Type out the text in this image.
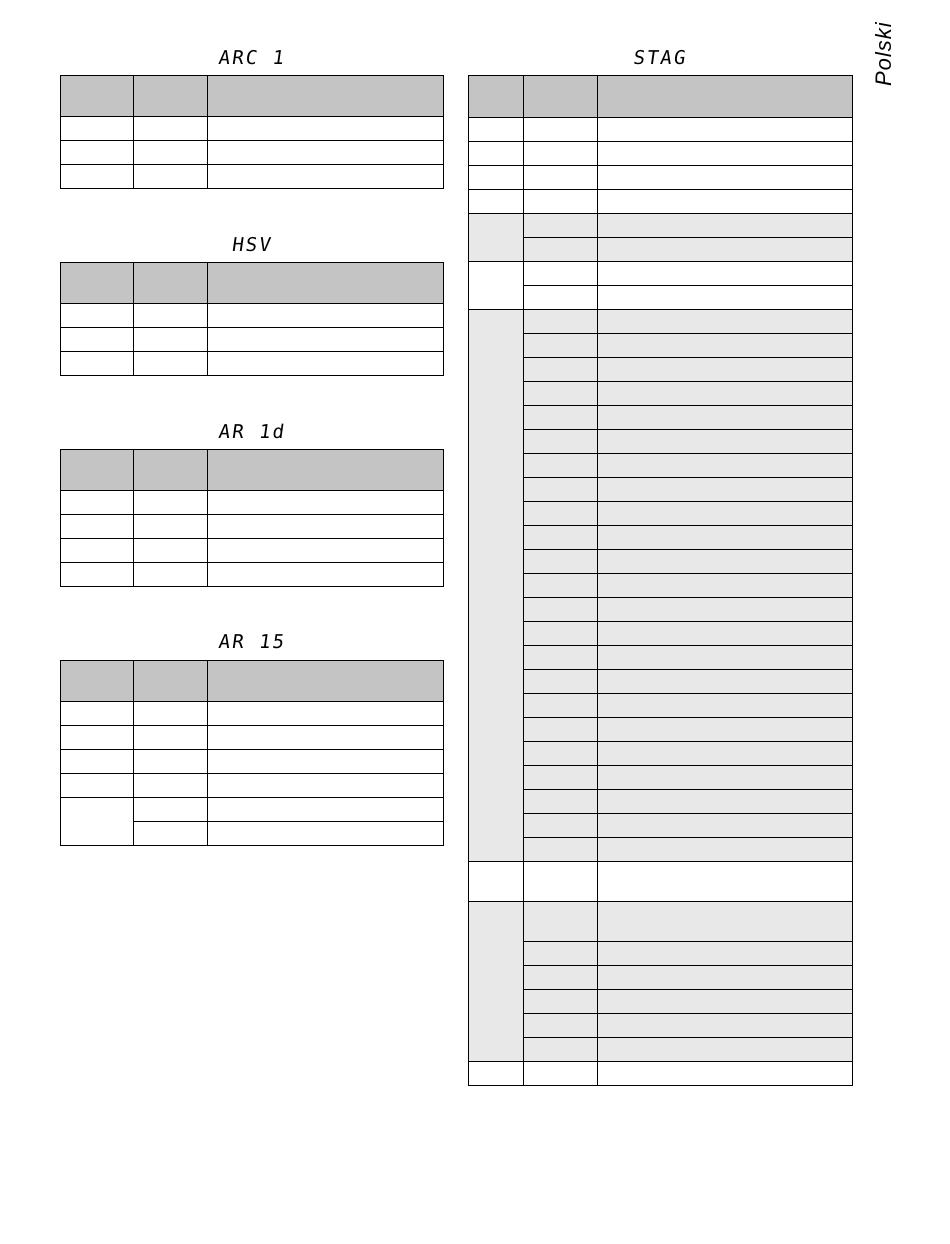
Polski
ARC 1

HSV

AR 1d

AR 15

STAG
